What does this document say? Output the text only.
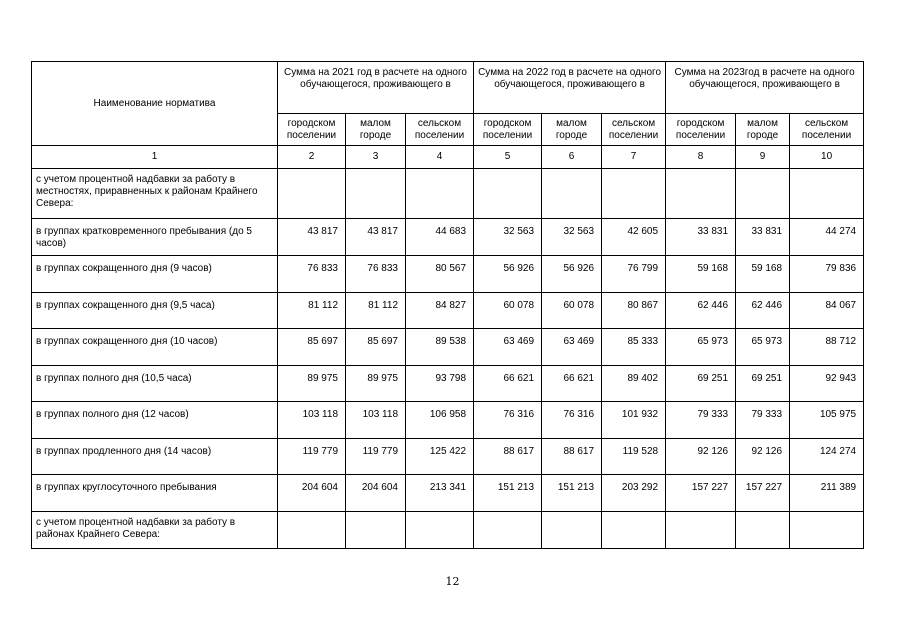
Наименование норматива	Сумма на 2021 год в расчете на одного обучающегося, проживающего в			Сумма на 2022 год в расчете на одного обучающегося, проживающего в			Сумма на 2023год в расчете на одного обучающегося, проживающего в		
	городском поселении	малом городе	сельском поселении	городском поселении	малом городе	сельском поселении	городском поселении	малом городе	сельском поселении
1	2	3	4	5	6	7	8	9	10
с учетом процентной надбавки за работу в местностях, приравненных к районам Крайнего Севера:									
в группах кратковременного пребывания (до 5 часов)	43 817	43 817	44 683	32 563	32 563	42 605	33 831	33 831	44 274
в группах сокращенного дня (9 часов)	76 833	76 833	80 567	56 926	56 926	76 799	59 168	59 168	79 836
в группах сокращенного дня (9,5 часа)	81 112	81 112	84 827	60 078	60 078	80 867	62 446	62 446	84 067
в группах сокращенного дня (10 часов)	85 697	85 697	89 538	63 469	63 469	85 333	65 973	65 973	88 712
в группах полного дня (10,5 часа)	89 975	89 975	93 798	66 621	66 621	89 402	69 251	69 251	92 943
в группах полного дня (12 часов)	103 118	103 118	106 958	76 316	76 316	101 932	79 333	79 333	105 975
в группах продленного дня (14 часов)	119 779	119 779	125 422	88 617	88 617	119 528	92 126	92 126	124 274
в группах круглосуточного пребывания	204 604	204 604	213 341	151 213	151 213	203 292	157 227	157 227	211 389
с учетом процентной надбавки за работу в районах Крайнего Севера:									
12
